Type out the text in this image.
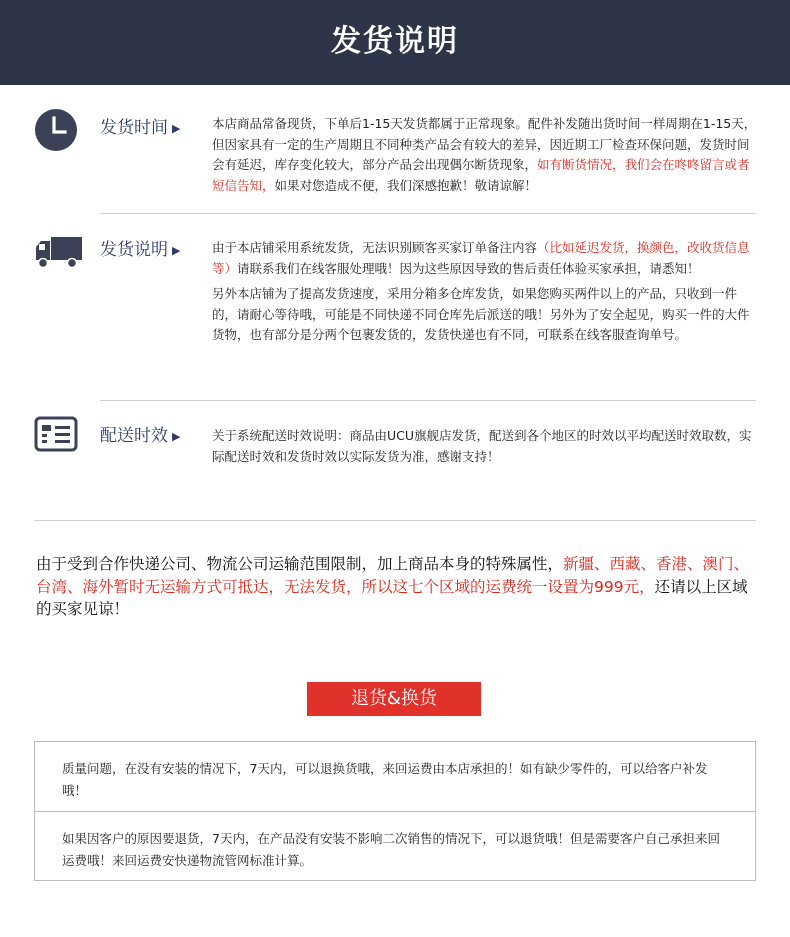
发货说明
发货时间 ▶	本店商品常备现货，下单后1-15天发货都属于正常现象。配件补发随出货时间一样周期在1-15天，但因家具有一定的生产周期且不同种类产品会有较大的差异，因近期工厂检查环保问题，发货时间会有延迟，库存变化较大，部分产品会出现偶尔断货现象，如有断货情况，我们会在咚咚留言或者短信告知，如果对您造成不便，我们深感抱歉！敬请谅解！

发货说明 ▶	由于本店铺采用系统发货，无法识别顾客买家订单备注内容（比如延迟发货，换颜色，改收货信息等）请联系我们在线客服处理哦！因为这些原因导致的售后责任体验买家承担，请悉知！

另外本店铺为了提高发货速度，采用分箱多仓库发货，如果您购买两件以上的产品，只收到一件的，请耐心等待哦，可能是不同快递不同仓库先后派送的哦！另外为了安全起见，购买一件的大件货物，也有部分是分两个包裹发货的，发货快递也有不同，可联系在线客服查询单号。

配送时效 ▶	关于系统配送时效说明：商品由UCU旗舰店发货，配送到各个地区的时效以平均配送时效取数，实际配送时效和发货时效以实际发货为准，感谢支持！

由于受到合作快递公司、物流公司运输范围限制，加上商品本身的特殊属性，新疆、西藏、香港、澳门、台湾、海外暂时无运输方式可抵达，无法发货，所以这七个区域的运费统一设置为999元，还请以上区域的买家见谅！
退货&换货
质量问题，在没有安装的情况下，7天内，可以退换货哦，来回运费由本店承担的！如有缺少零件的，可以给客户补发哦！
如果因客户的原因要退货，7天内，在产品没有安装不影响二次销售的情况下，可以退货哦！但是需要客户自己承担来回运费哦！来回运费安快递物流管网标准计算。
